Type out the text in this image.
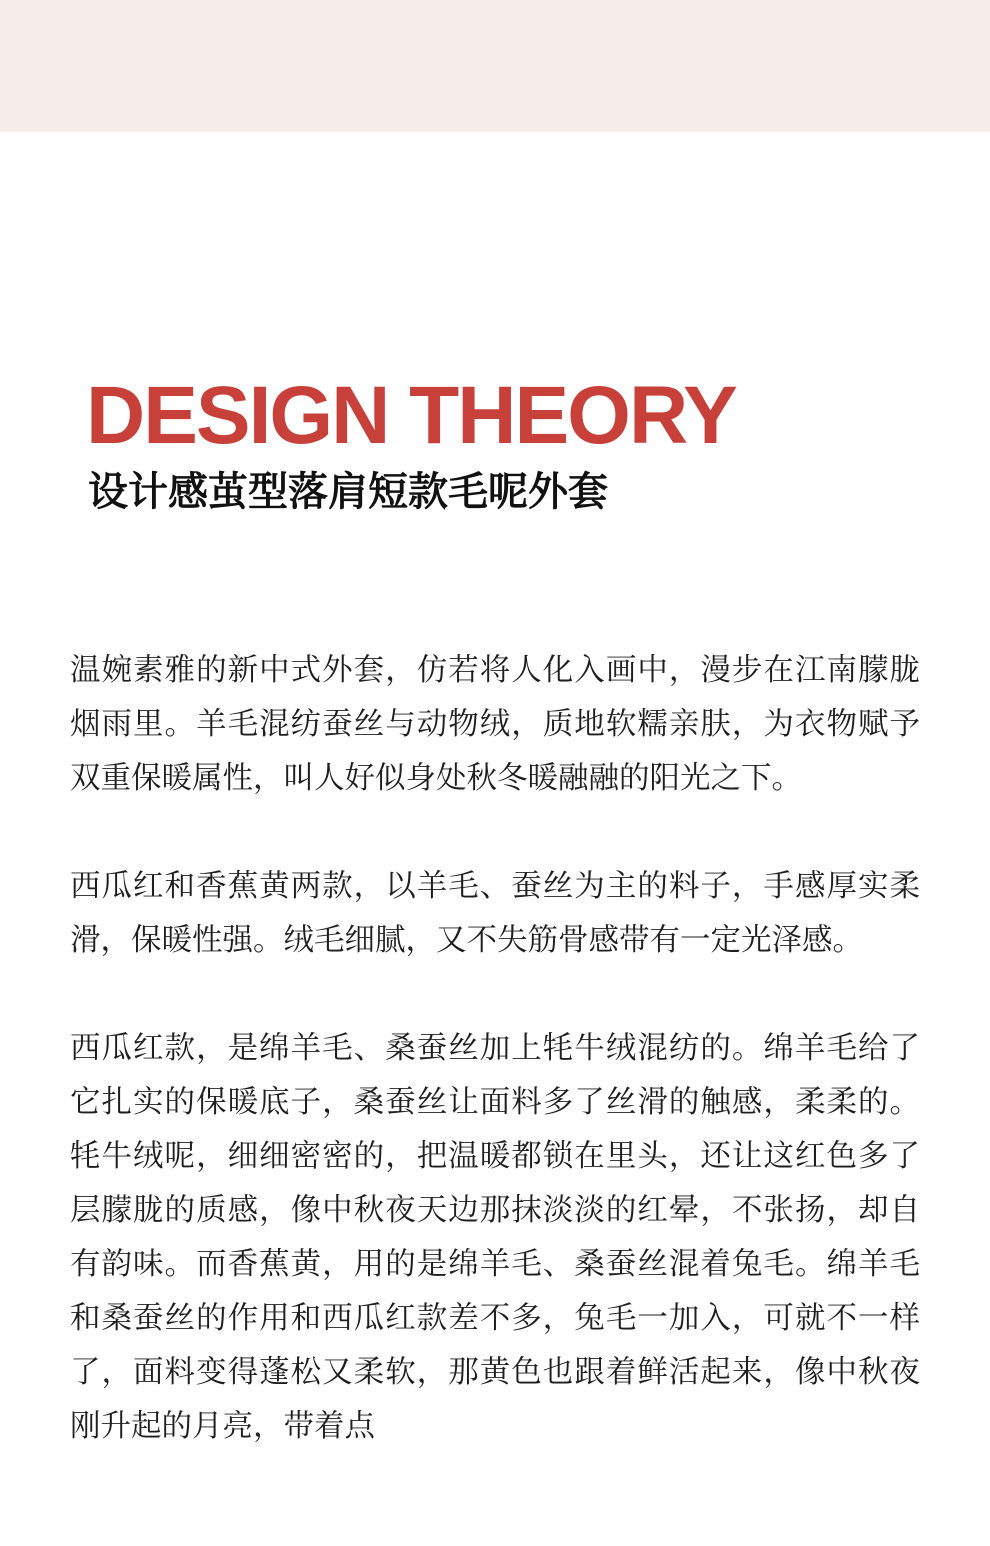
DESIGN THEORY
设计感茧型落肩短款毛呢外套

温婉素雅的新中式外套，仿若将人化入画中，漫步在江南朦胧烟雨里。羊毛混纺蚕丝与动物绒，质地软糯亲肤，为衣物赋予双重保暖属性，叫人好似身处秋冬暖融融的阳光之下。

西瓜红和香蕉黄两款，以羊毛、蚕丝为主的料子，手感厚实柔滑，保暖性强。绒毛细腻，又不失筋骨感带有一定光泽感。

西瓜红款，是绵羊毛、桑蚕丝加上牦牛绒混纺的。绵羊毛给了它扎实的保暖底子，桑蚕丝让面料多了丝滑的触感，柔柔的。牦牛绒呢，细细密密的，把温暖都锁在里头，还让这红色多了层朦胧的质感，像中秋夜天边那抹淡淡的红晕，不张扬，却自有韵味。而香蕉黄，用的是绵羊毛、桑蚕丝混着兔毛。绵羊毛和桑蚕丝的作用和西瓜红款差不多，兔毛一加入，可就不一样了，面料变得蓬松又柔软，那黄色也跟着鲜活起来，像中秋夜刚升起的月亮，带着点
